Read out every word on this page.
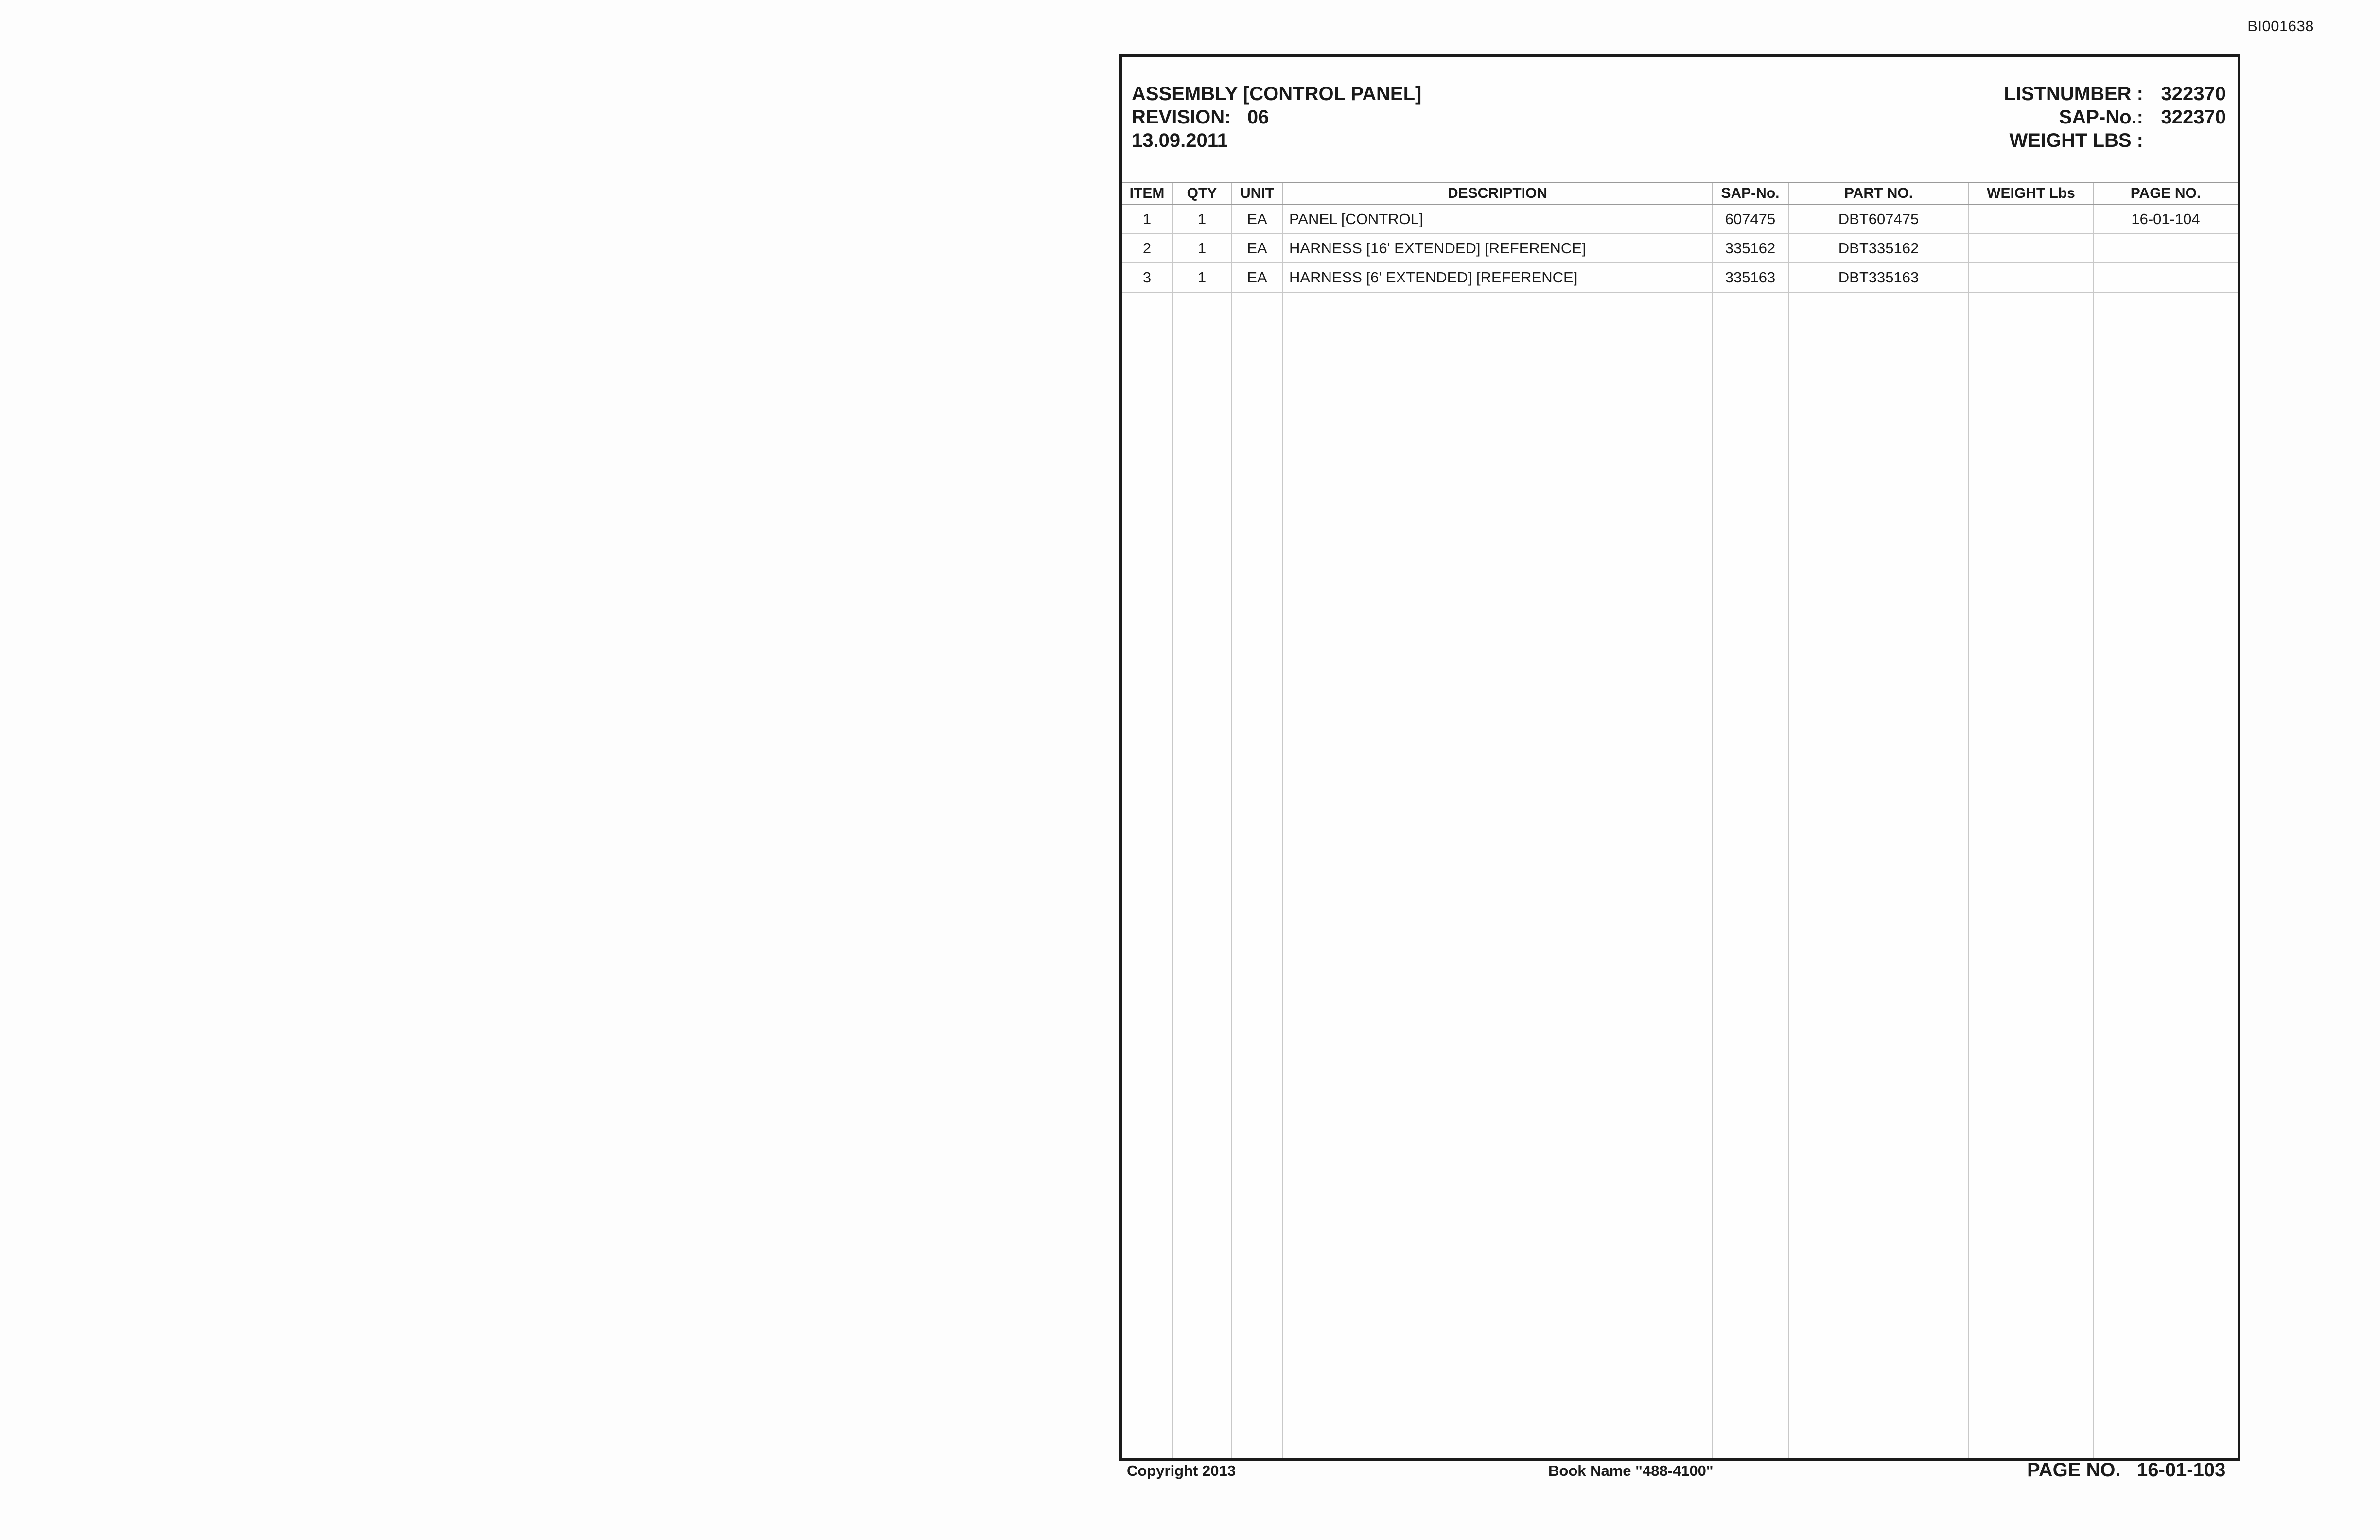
BI001638
ASSEMBLY [CONTROL PANEL]
REVISION: 06
13.09.2011
LISTNUMBER : 322370
SAP-No.: 322370
WEIGHT LBS :
ITEM	QTY	UNIT	DESCRIPTION	SAP-No.	PART NO.	WEIGHT Lbs	PAGE NO.
1	1	EA	PANEL [CONTROL]	607475	DBT607475		16-01-104
2	1	EA	HARNESS [16' EXTENDED] [REFERENCE]	335162	DBT335162		
3	1	EA	HARNESS [6' EXTENDED] [REFERENCE]	335163	DBT335163		
Copyright 2013	Book Name "488-4100"	PAGE NO. 16-01-103
